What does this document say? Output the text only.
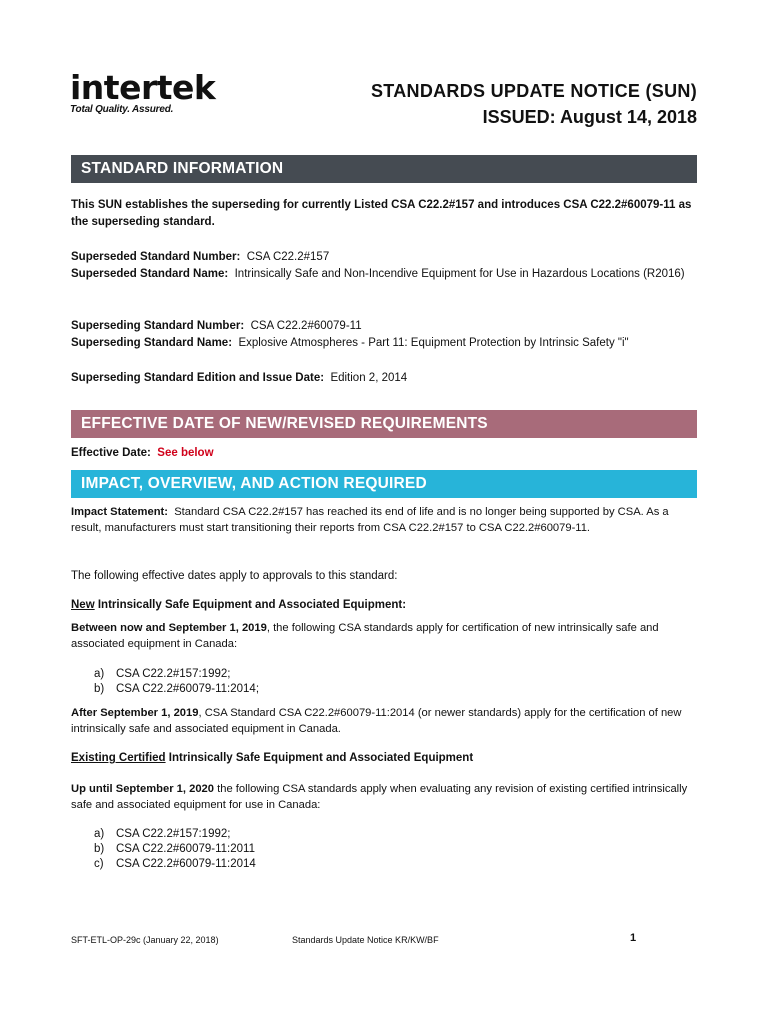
intertek
Total Quality. Assured.
STANDARDS UPDATE NOTICE (SUN)
ISSUED: August 14, 2018
STANDARD INFORMATION
This SUN establishes the superseding for currently Listed CSA C22.2#157 and introduces CSA C22.2#60079-11 as the superseding standard.
Superseded Standard Number: CSA C22.2#157
Superseded Standard Name: Intrinsically Safe and Non-Incendive Equipment for Use in Hazardous Locations (R2016)
Superseding Standard Number: CSA C22.2#60079-11
Superseding Standard Name: Explosive Atmospheres - Part 11: Equipment Protection by Intrinsic Safety "i"
Superseding Standard Edition and Issue Date: Edition 2, 2014
EFFECTIVE DATE OF NEW/REVISED REQUIREMENTS
Effective Date: See below
IMPACT, OVERVIEW, AND ACTION REQUIRED
Impact Statement: Standard CSA C22.2#157 has reached its end of life and is no longer being supported by CSA. As a result, manufacturers must start transitioning their reports from CSA C22.2#157 to CSA C22.2#60079-11.
The following effective dates apply to approvals to this standard:
New Intrinsically Safe Equipment and Associated Equipment:
Between now and September 1, 2019, the following CSA standards apply for certification of new intrinsically safe and associated equipment in Canada:
a) CSA C22.2#157:1992;
b) CSA C22.2#60079-11:2014;
After September 1, 2019, CSA Standard CSA C22.2#60079-11:2014 (or newer standards) apply for the certification of new intrinsically safe and associated equipment in Canada.
Existing Certified Intrinsically Safe Equipment and Associated Equipment
Up until September 1, 2020 the following CSA standards apply when evaluating any revision of existing certified intrinsically safe and associated equipment for use in Canada:
a) CSA C22.2#157:1992;
b) CSA C22.2#60079-11:2011
c) CSA C22.2#60079-11:2014
SFT-ETL-OP-29c (January 22, 2018)	Standards Update Notice KR/KW/BF	1
